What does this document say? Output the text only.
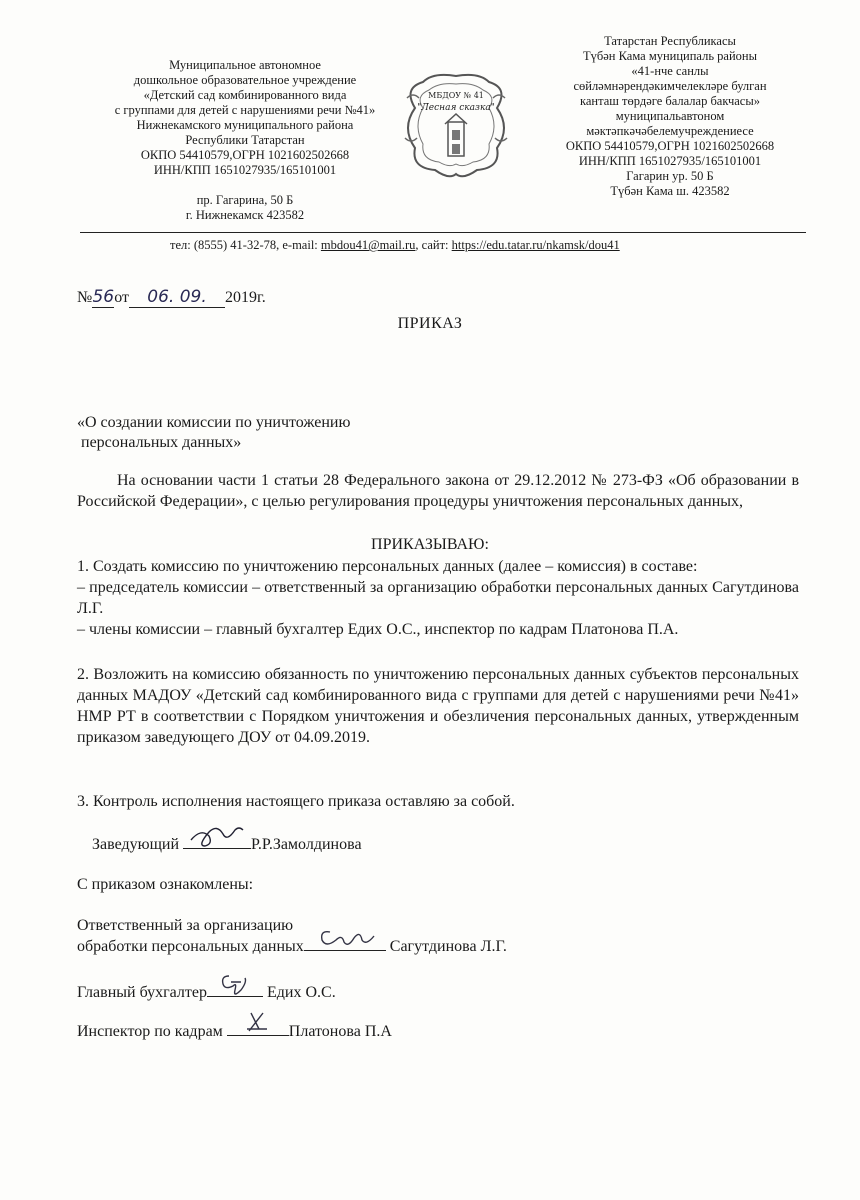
Муниципальное автономное
дошкольное образовательное учреждение
«Детский сад комбинированного вида
с группами для детей с нарушениями речи №41»
Нижнекамского муниципального района
Республики Татарстан
ОКПО 54410579,ОГРН 1021602502668
ИНН/КПП 1651027935/165101001
пр. Гагарина, 50 Б
г. Нижнекамск 423582
МБДОУ № 41
"Лесная сказка"
Татарстан Республикасы
Түбән Кама муниципаль районы
«41-нче санлы
сөйләмнәрендәкимчелекләре булган
канташ төрдәге балалар бакчасы»
муниципальавтоном
мәктәпкәчәбелемучреждениесе
ОКПО 54410579,ОГРН 1021602502668
ИНН/КПП 1651027935/165101001
Гагарин ур. 50 Б
Түбән Кама ш. 423582
тел: (8555) 41-32-78, e-mail: mbdou41@mail.ru, сайт: https://edu.tatar.ru/nkamsk/dou41
№56от 06. 09. 2019г.
ПРИКАЗ
«О создании комиссии по уничтожению
персональных данных»
На основании части 1 статьи 28 Федерального закона от 29.12.2012 № 273-ФЗ «Об образовании в Российской Федерации», с целью регулирования процедуры уничтожения персональных данных,
ПРИКАЗЫВАЮ:
1. Создать комиссию по уничтожению персональных данных (далее – комиссия) в составе:
– председатель комиссии – ответственный за организацию обработки персональных данных Сагутдинова Л.Г.
– члены комиссии – главный бухгалтер Едих О.С., инспектор по кадрам Платонова П.А.
2. Возложить на комиссию обязанность по уничтожению персональных данных субъектов персональных данных МАДОУ «Детский сад комбинированного вида с группами для детей с нарушениями речи №41» НМР РТ в соответствии с Порядком уничтожения и обезличения персональных данных, утвержденным приказом заведующего ДОУ от 04.09.2019.
3. Контроль исполнения настоящего приказа оставляю за собой.
Заведующий	Р.Р.Замолдинова
С приказом ознакомлены:
Ответственный за организацию
обработки персональных данных	Сагутдинова Л.Г.
Главный бухгалтер	Едих О.С.
Инспектор по кадрам	Платонова П.А
